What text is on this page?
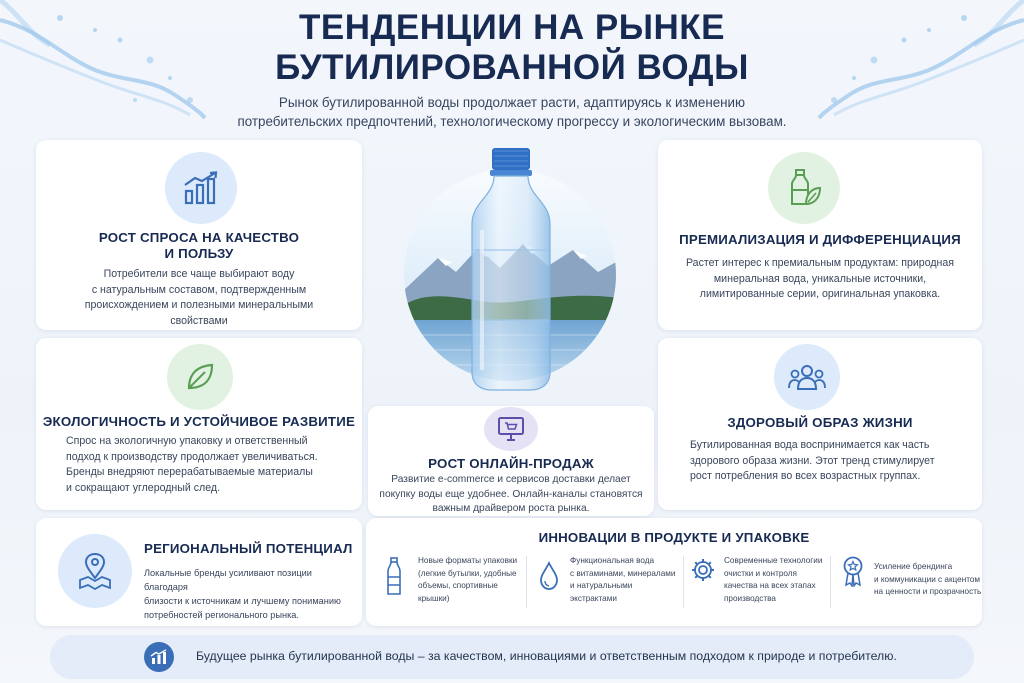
ТЕНДЕНЦИИ НА РЫНКЕ
БУТИЛИРОВАННОЙ ВОДЫ
Рынок бутилированной воды продолжает расти, адаптируясь к изменению
потребительских предпочтений, технологическому прогрессу и экологическим вызовам.
РОСТ СПРОСА НА КАЧЕСТВО
И ПОЛЬЗУ

Потребители все чаще выбирают воду
с натуральным составом, подтвержденным
происхождением и полезными минеральными
свойствами

ПРЕМИАЛИЗАЦИЯ И ДИФФЕРЕНЦИАЦИЯ

Растет интерес к премиальным продуктам: природная
минеральная вода, уникальные источники,
лимитированные серии, оригинальная упаковка.

ЭКОЛОГИЧНОСТЬ И УСТОЙЧИВОЕ РАЗВИТИЕ

Спрос на экологичную упаковку и ответственный
подход к производству продолжает увеличиваться.
Бренды внедряют перерабатываемые материалы
и сокращают углеродный след.

РОСТ ОНЛАЙН-ПРОДАЖ

Развитие e-commerce и сервисов доставки делает
покупку воды еще удобнее. Онлайн-каналы становятся
важным драйвером роста рынка.

ЗДОРОВЫЙ ОБРАЗ ЖИЗНИ

Бутилированная вода воспринимается как часть
здорового образа жизни. Этот тренд стимулирует
рост потребления во всех возрастных группах.

РЕГИОНАЛЬНЫЙ ПОТЕНЦИАЛ

Локальные бренды усиливают позиции благодаря
близости к источникам и лучшему пониманию
потребностей регионального рынка.

ИННОВАЦИИ В ПРОДУКТЕ И УПАКОВКЕ

Новые форматы упаковки
(легкие бутылки, удобные
объемы, спортивные
крышки)

Функциональная вода
с витаминами, минералами
и натуральными
экстрактами

Современные технологии
очистки и контроля
качества на всех этапах
производства

Усиление брендинга
и коммуникации с акцентом
на ценности и прозрачность

Будущее рынка бутилированной воды – за качеством, инновациями и ответственным подходом к природе и потребителю.
